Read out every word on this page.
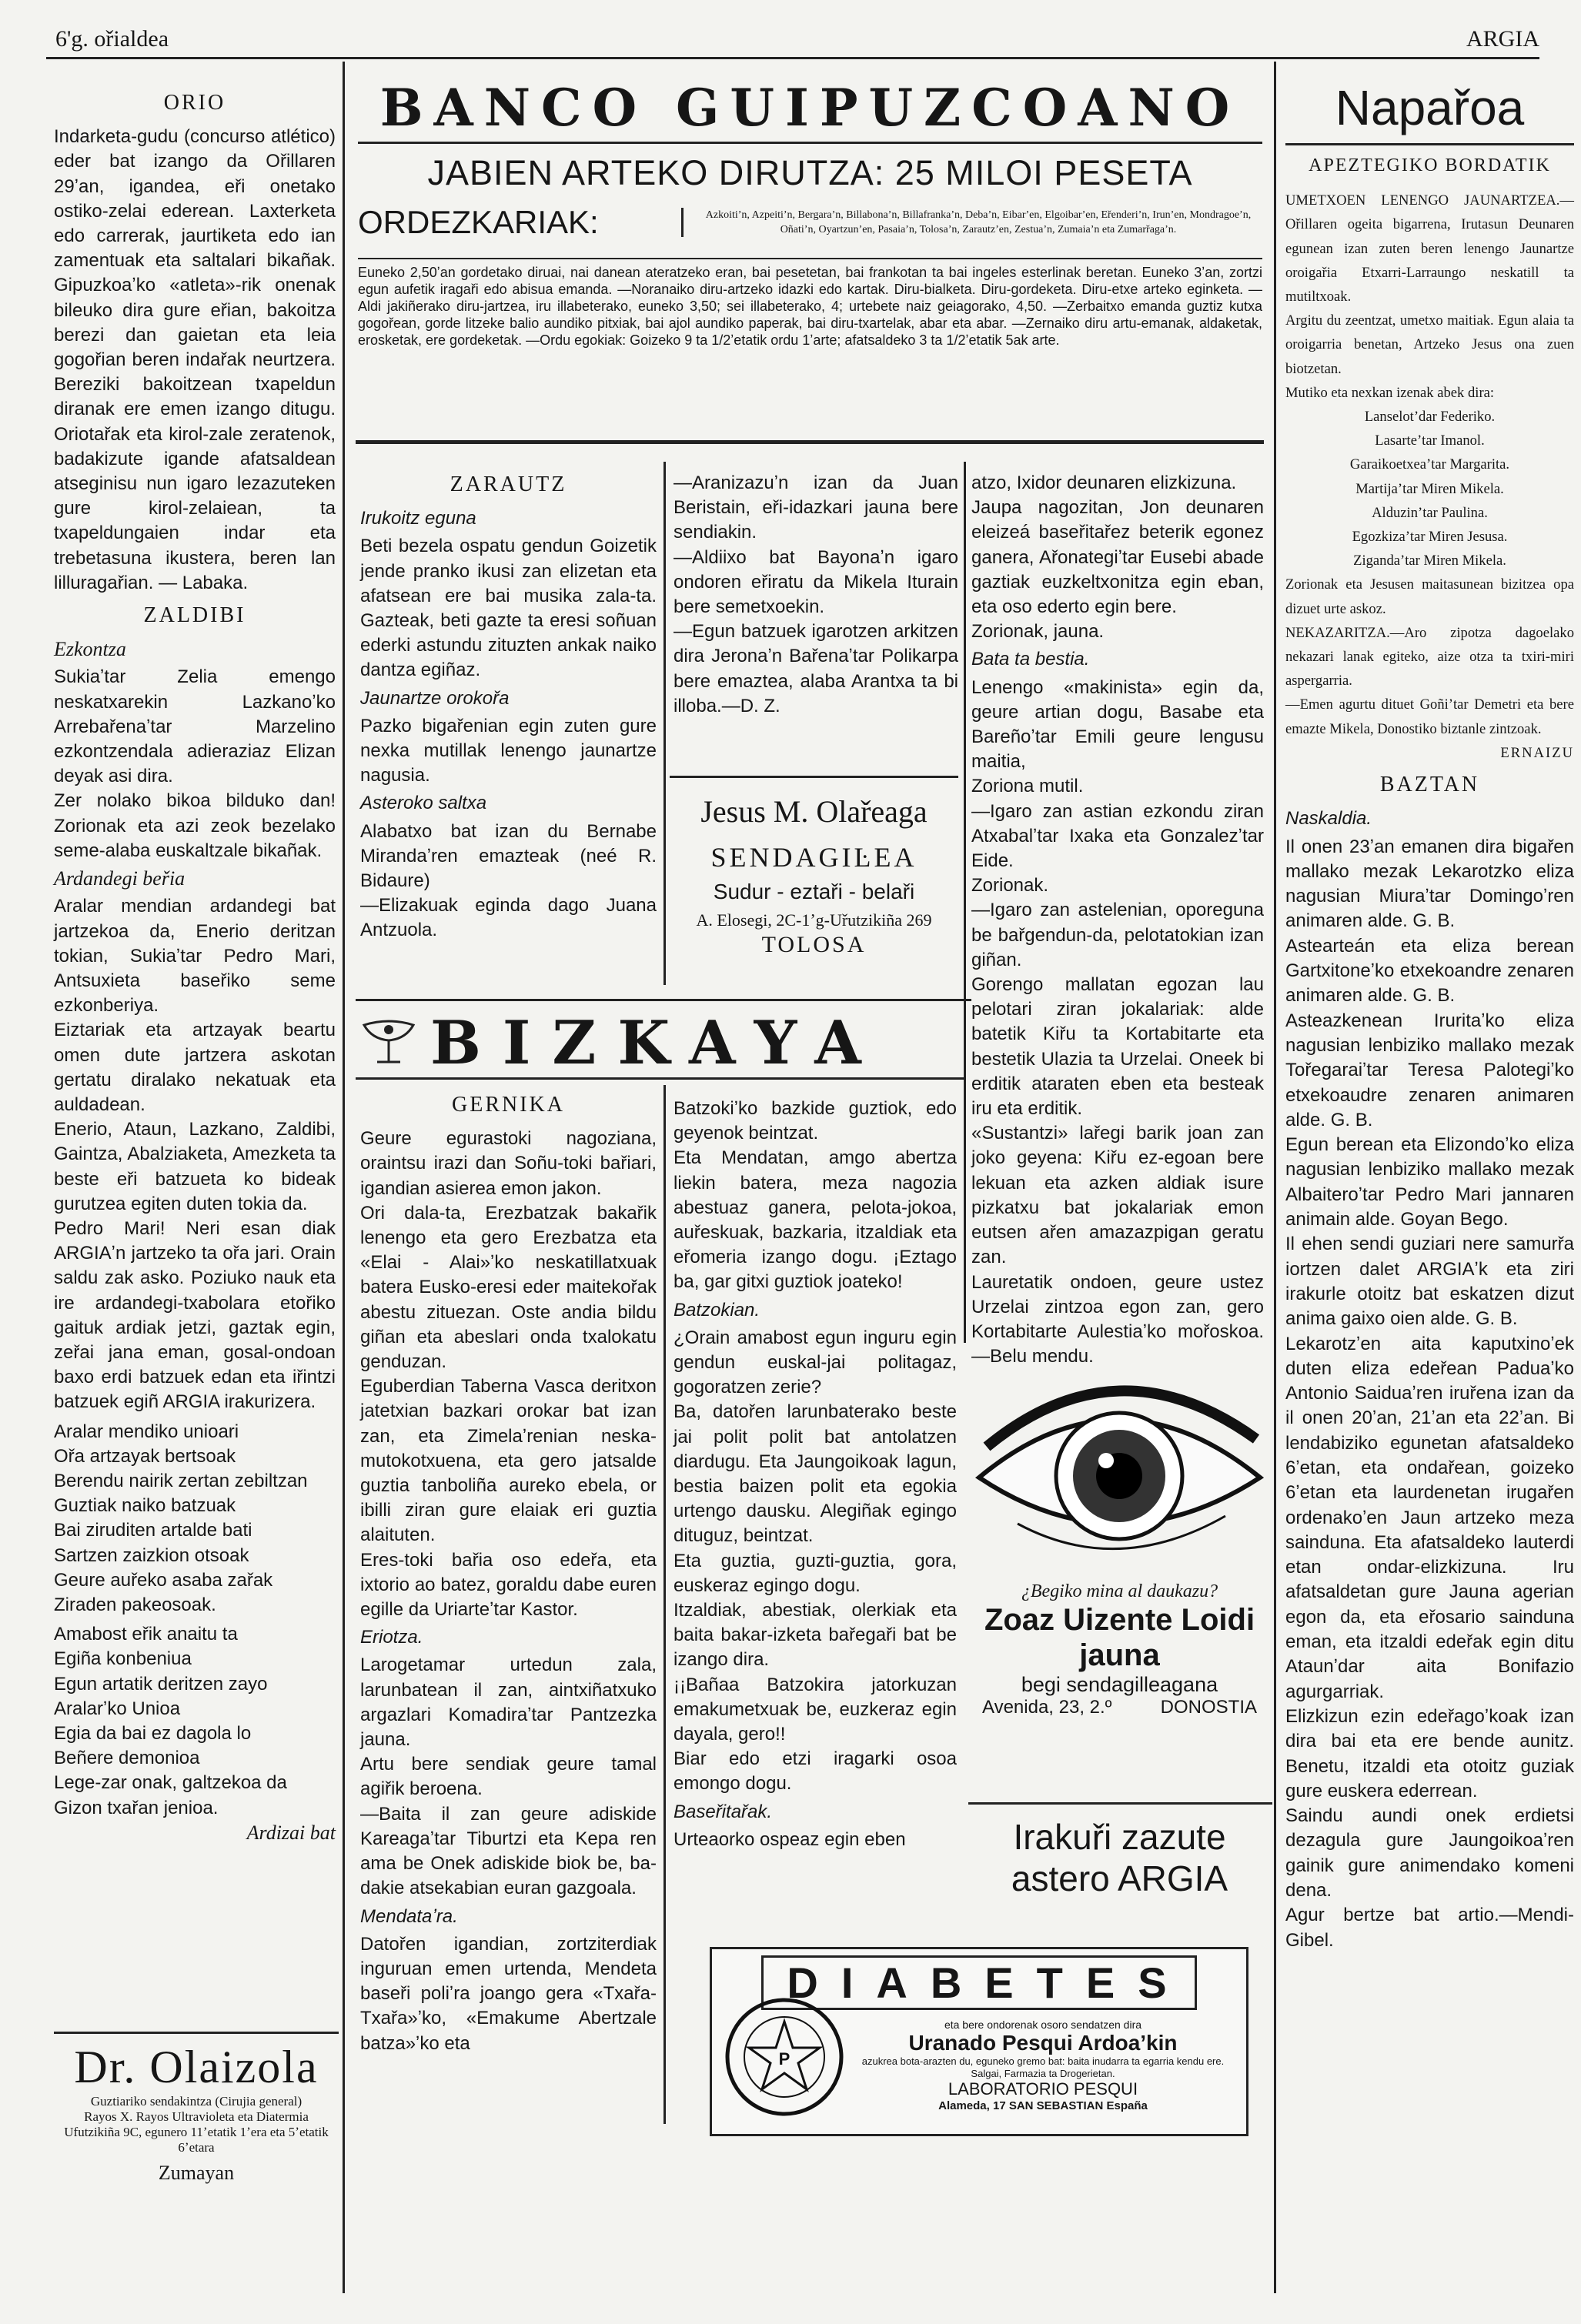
6'g. ořialdea	ARGIA
ORIO

Indarketa-gudu (concurso atlético) eder bat izango da Ořillaren 29ʼan, igandea, eři onetako ostiko-zelai ederean. Laxterketa edo carrerak, jaurtiketa edo ian zamentuak eta saltalari bikañak. Gipuzkoaʼko «atleta»-rik onenak bileuko dira gure eřian, bakoitza berezi dan gaietan eta leia gogořian beren indařak neurtzera. Bereziki bakoitzean txapeldun diranak ere emen izango ditugu. Oriotařak eta kirol-zale zeratenok, badakizute igande afatsaldean atseginisu nun igaro lezazuteken gure kirol-zelaiean, ta txapeldungaien indar eta trebetasuna ikustera, beren lan lilluragařian. — Labaka.

ZALDIBI
Ezkontza

Sukiaʼtar Zelia emengo neskatxarekin Lazkanoʼko Arrebařenaʼtar Marzelino ezkontzendala adieraziaz Elizan deyak asi dira.

Zer nolako bikoa bilduko dan! Zorionak eta azi zeok bezelako seme-alaba euskaltzale bikañak.

Ardandegi beřia

Aralar mendian ardandegi bat jartzekoa da, Enerio deritzan tokian, Sukiaʼtar Pedro Mari, Antsuxieta baseřiko seme ezkonberiya.

Eiztariak eta artzayak beartu omen dute jartzera askotan gertatu diralako nekatuak eta auldadean.

Enerio, Ataun, Lazkano, Zaldibi, Gaintza, Abalziaketa, Amezketa ta beste eři batzueta ko bideak gurutzea egiten duten tokia da.

Pedro Mari! Neri esan diak ARGIAʼn jartzeko ta ořa jari. Orain saldu zak asko. Poziuko nauk eta ire ardandegi-txabolara etořiko gaituk ardiak jetzi, gaztak egin, zeřai jana eman, gosal-ondoan baxo erdi batzuek edan eta iřintzi batzuek egiñ ARGIA irakurizera.

Aralar mendiko unioari
Ořa artzayak bertsoak
Berendu nairik zertan zebiltzan
Guztiak naiko batzuak
Bai ziruditen artalde bati
Sartzen zaizkion otsoak
Geure auřeko asaba zařak
Ziraden pakeosoak.
Amabost eřik anaitu ta
Egiña konbeniua
Egun artatik deritzen zayo
Aralarʼko Unioa
Egia da bai ez dagola lo
Beñere demonioa
Lege-zar onak, galtzekoa da
Gizon txařan jenioa.
Ardizai bat
Dr. Olaizola
Guztiariko sendakintza (Cirujia general)
Rayos X. Rayos Ultravioleta eta Diatermia
Ufutzikiña 9C, egunero 11ʼetatik 1ʼera eta 5ʼetatik 6ʼetara
Zumayan
BANCO GUIPUZCOANO
JABIEN ARTEKO DIRUTZA: 25 MILOI PESETA
ORDEZKARIAK:	Azkoitiʼn, Azpeitiʼn, Bergaraʼn, Billabonaʼn, Billafrankaʼn, Debaʼn, Eibarʼen, Elgoibarʼen, Eřenderiʼn, Irunʼen, Mondragoeʼn, Oñatiʼn, Oyartzunʼen, Pasaiaʼn, Tolosaʼn, Zarautzʼen, Zestuaʼn, Zumaiaʼn eta Zumarřagaʼn.
Euneko 2,50ʼan gordetako diruai, nai danean ateratzeko eran, bai pesetetan, bai frankotan ta bai ingeles esterlinak beretan. Euneko 3ʼan, zortzi egun aufetik iragaři edo abisua emanda. —Noranaiko diru-artzeko idazki edo kartak. Diru-bialketa. Diru-gordeketa. Diru-etxe arteko eginketa. —Aldi jakiñerako diru-jartzea, iru illabeterako, euneko 3,50; sei illabeterako, 4; urtebete naiz geiagorako, 4,50. —Zerbaitxo emanda guztiz kutxa gogořean, gorde litzeke balio aundiko pitxiak, bai ajol aundiko paperak, bai diru-txartelak, abar eta abar. —Zernaiko diru artu-emanak, aldaketak, erosketak, ere gordeketak. —Ordu egokiak: Goizeko 9 ta 1/2ʼetatik ordu 1ʼarte; afatsaldeko 3 ta 1/2ʼetatik 5ak arte.
ZARAUTZ
Irukoitz eguna

Beti bezela ospatu gendun Goizetik jende pranko ikusi zan elizetan eta afatsean ere bai musika zala-ta. Gazteak, beti gazte ta eresi soñuan ederki astundu zituzten ankak naiko dantza egiñaz.

Jaunartze orokořa

Pazko bigařenian egin zuten gure nexka mutillak lenengo jaunartze nagusia.

Asteroko saltxa

Alabatxo bat izan du Bernabe Mirandaʼren emazteak (neé R. Bidaure)

—Elizakuak eginda dago Juana Antzuola.

—Aranizazuʼn izan da Juan Beristain, eři-idazkari jauna bere sendiakin.

—Aldiixo bat Bayonaʼn igaro ondoren eřiratu da Mikela Iturain bere semetxoekin.

—Egun batzuek igarotzen arkitzen dira Jeronaʼn Bařenaʼtar Polikarpa bere emaztea, alaba Arantxa ta bi illoba.—D. Z.

atzo, Ixidor deunaren elizkizuna.

Jaupa nagozitan, Jon deunaren eleizeá baseřitařez beterik egonez ganera, Ařonategiʼtar Eusebi abade gaztiak euzkeltxonitza egin eban, eta oso ederto egin bere.

Zorionak, jauna.

Bata ta bestia.

Lenengo «makinista» egin da, geure artian dogu, Basabe eta Bareñoʼtar Emili geure lengusu maitia,

Zoriona mutil.

—Igaro zan astian ezkondu ziran Atxabalʼtar Ixaka eta Gonzalezʼtar Eide.

Zorionak.

—Igaro zan astelenian, oporeguna be bařgendun-da, pelotatokian izan giñan.

Gorengo mallatan egozan lau pelotari ziran jokalariak: alde batetik Kiřu ta Kortabitarte eta bestetik Ulazia ta Urzelai. Oneek bi erditik ataraten eben eta besteak iru eta erditik.

«Sustantzi» lařegi barik joan zan joko geyena: Kiřu ez-egoan bere lekuan eta azken aldiak isure pizkatxu bat jokalariak emon eutsen ařen amazazpigan geratu zan.

Lauretatik ondoen, geure ustez Urzelai zintzoa egon zan, gero Kortabitarte Aulestiaʼko mořoskoa.—Belu mendu.

Jesus M. Olařeaga
SENDAGIĿEA
Sudur - eztaři - belaři
A. Elosegi, 2C-1ʼg-Uřutzikiña 269
TOLOSA
BIZKAYA
GERNIKA

Geure egurastoki nagoziana, oraintsu irazi dan Soñu-toki bařiari, igandian asierea emon jakon.

Ori dala-ta, Erezbatzak bakařik lenengo eta gero Erezbatza eta «Elai - Alai»ʼko neskatillatxuak batera Eusko-eresi eder maitekořak abestu zituezan. Oste andia bildu giñan eta abeslari onda txalokatu genduzan.

Eguberdian Taberna Vasca deritxon jatetxian bazkari orokar bat izan zan, eta Zimelaʼrenian neska-mutokotxuena, eta gero jatsalde guztia tanboliña aureko ebela, or ibilli ziran gure elaiak eri guztia alaituten.

Eres-toki bařia oso edeřa, eta ixtorio ao batez, goraldu dabe euren egille da Uriarteʼtar Kastor.

Eriotza.

Larogetamar urtedun zala, larunbatean il zan, aintxiñatxuko argazlari Komadiraʼtar Pantzezka jauna.

Artu bere sendiak geure tamal agiřik beroena.

—Baita il zan geure adiskide Kareagaʼtar Tiburtzi eta Kepa ren ama be Onek adiskide biok be, ba-dakie atsekabian euran gazgoala.

Mendataʼra.

Datořen igandian, zortziterdiak inguruan emen urtenda, Mendeta baseři poliʼra joango gera «Txařa-Txařa»ʼko, «Emakume Abertzale batza»ʼko eta

Batzokiʼko bazkide guztiok, edo geyenok beintzat.

Eta Mendatan, amgo abertza liekin batera, meza nagozia abestuaz ganera, pelota-jokoa, auřeskuak, bazkaria, itzaldiak eta eřomeria izango dogu. ¡Eztago ba, gar gitxi guztiok joateko!

Batzokian.

¿Orain amabost egun inguru egin gendun euskal-jai politagaz, gogoratzen zerie?

Ba, datořen larunbaterako beste jai polit polit bat antolatzen diardugu. Eta Jaungoikoak lagun, bestia baizen polit eta egokia urtengo dausku. Alegiñak egingo dituguz, beintzat.

Eta guztia, guzti-guztia, gora, euskeraz egingo dogu.

Itzaldiak, abestiak, olerkiak eta baita bakar-izketa bařegaři bat be izango dira.

¡¡Bañaa Batzokira jatorkuzan emakumetxuak be, euzkeraz egin dayala, gero!!

Biar edo etzi iragarki osoa emongo dogu.

Baseřitařak.

Urteaorko ospeaz egin eben

¿Begiko mina al daukazu?
Zoaz Uizente Loidi jauna
begi sendagilleagana
Avenida, 23, 2.º	DONOSTIA
Irakuři zazute
astero ARGIA
DIABETES
P
eta bere ondorenak osoro sendatzen dira
Uranado Pesqui Ardoaʼkin
azukrea bota-arazten du, eguneko gremo bat: baita inudarra ta egarria kendu ere.
Salgai, Farmazia ta Drogerietan.
LABORATORIO PESQUI
Alameda, 17 SAN SEBASTIAN España
Napařoa
APEZTEGIKO BORDATIK

UMETXOEN LENENGO JAUNARTZEA.—Ořillaren ogeita bigarrena, Irutasun Deunaren egunean izan zuten beren lenengo Jaunartze oroigařia Etxarri-Larraungo neskatill ta mutiltxoak.

Argitu du zeentzat, umetxo maitiak. Egun alaia ta oroigarria benetan, Artzeko Jesus ona zuen biotzetan.

Mutiko eta nexkan izenak abek dira:

Lanselotʼdar Federiko.
Lasarteʼtar Imanol.
Garaikoetxeaʼtar Margarita.
Martijaʼtar Miren Mikela.
Alduzinʼtar Paulina.
Egozkizaʼtar Miren Jesusa.
Zigandaʼtar Miren Mikela.

Zorionak eta Jesusen maitasunean bizitzea opa dizuet urte askoz.

NEKAZARITZA.—Aro zipotza dagoelako nekazari lanak egiteko, aize otza ta txiri-miri aspergarria.

—Emen agurtu dituet Goñiʼtar Demetri eta bere emazte Mikela, Donostiko biztanle zintzoak.

ERNAIZU
BAZTAN
Naskaldia.

Il onen 23ʼan emanen dira bigařen mallako mezak Lekarotzko eliza nagusian Miuraʼtar Domingoʼren animaren alde. G. B.

Astearteán eta eliza berean Gartxitoneʼko etxekoandre zenaren animaren alde. G. B.

Asteazkenean Iruritaʼko eliza nagusian lenbiziko mallako mezak Tořegaraiʼtar Teresa Palotegiʼko etxekoaudre zenaren animaren alde. G. B.

Egun berean eta Elizondoʼko eliza nagusian lenbiziko mallako mezak Albaiteroʼtar Pedro Mari jannaren animain alde. Goyan Bego.

Il ehen sendi guziari nere samurřa iortzen dalet ARGIAʼk eta ziri irakurle otoitz bat eskatzen dizut anima gaixo oien alde. G. B.

Lekarotzʼen aita kaputxinoʼek duten eliza edeřean Paduaʼko Antonio Saiduaʼren iruřena izan da il onen 20ʼan, 21ʼan eta 22ʼan. Bi lendabiziko egunetan afatsaldeko 6ʼetan, eta ondařean, goizeko 6ʼetan eta laurdenetan irugařen ordenakoʼen Jaun artzeko meza sainduna. Eta afatsaldeko lauterdi etan ondar-elizkizuna. Iru afatsaldetan gure Jauna agerian egon da, eta eřosario sainduna eman, eta itzaldi edeřak egin ditu Ataunʼdar aita Bonifazio agurgarriak.

Elizkizun ezin edeřagoʼkoak izan dira bai eta ere bende aunitz. Benetu, itzaldi eta otoitz guziak gure euskera ederrean.

Saindu aundi onek erdietsi dezagula gure Jaungoikoaʼren gainik gure animendako komeni dena.

Agur bertze bat artio.—Mendi-Gibel.
